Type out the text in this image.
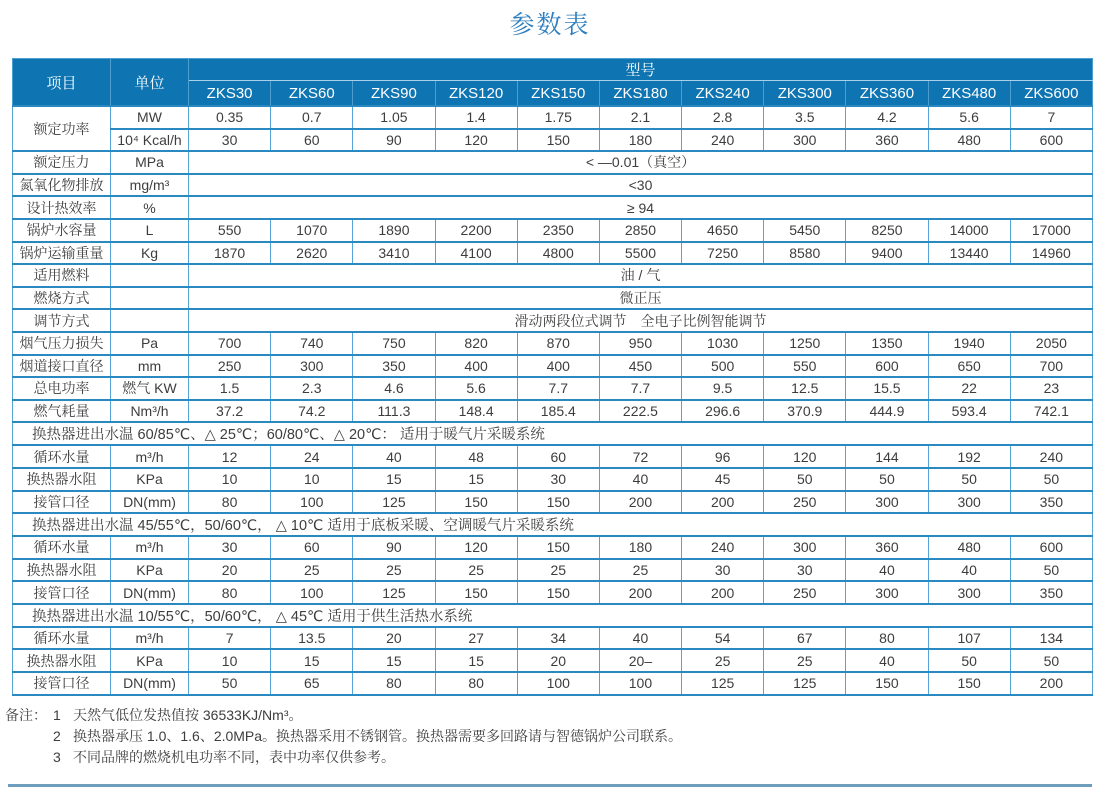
参数表
项目	单位	型号										
		ZKS30	ZKS60	ZKS90	ZKS120	ZKS150	ZKS180	ZKS240	ZKS300	ZKS360	ZKS480	ZKS600
额定功率	MW	0.35	0.7	1.05	1.4	1.75	2.1	2.8	3.5	4.2	5.6	7
	10⁴ Kcal/h	30	60	90	120	150	180	240	300	360	480	600
额定压力	MPa	< —0.01（真空）										
氮氧化物排放	mg/m³	<30										
设计热效率	%	≥ 94										
锅炉水容量	L	550	1070	1890	2200	2350	2850	4650	5450	8250	14000	17000
锅炉运输重量	Kg	1870	2620	3410	4100	4800	5500	7250	8580	9400	13440	14960
适用燃料		油 / 气										
燃烧方式		微正压										
调节方式		滑动两段位式调节　全电子比例智能调节										
烟气压力损失	Pa	700	740	750	820	870	950	1030	1250	1350	1940	2050
烟道接口直径	mm	250	300	350	400	400	450	500	550	600	650	700
总电功率	燃气 KW	1.5	2.3	4.6	5.6	7.7	7.7	9.5	12.5	15.5	22	23
燃气耗量	Nm³/h	37.2	74.2	111.3	148.4	185.4	222.5	296.6	370.9	444.9	593.4	742.1
换热器进出水温 60/85℃、△ 25℃；60/80℃、△ 20℃： 适用于暖气片采暖系统												
循环水量	m³/h	12	24	40	48	60	72	96	120	144	192	240
换热器水阻	KPa	10	10	15	15	30	40	45	50	50	50	50
接管口径	DN(mm)	80	100	125	150	150	200	200	250	300	300	350
换热器进出水温 45/55℃，50/60℃， △ 10℃ 适用于底板采暖、空调暖气片采暖系统												
循环水量	m³/h	30	60	90	120	150	180	240	300	360	480	600
换热器水阻	KPa	20	25	25	25	25	25	30	30	40	40	50
接管口径	DN(mm)	80	100	125	150	150	200	200	250	300	300	350
换热器进出水温 10/55℃，50/60℃， △ 45℃ 适用于供生活热水系统												
循环水量	m³/h	7	13.5	20	27	34	40	54	67	80	107	134
换热器水阻	KPa	10	15	15	15	20	20–	25	25	40	50	50
接管口径	DN(mm)	50	65	80	80	100	100	125	125	150	150	200
备注： 1 天然气低位发热值按 36533KJ/Nm³。
2 换热器承压 1.0、1.6、2.0MPa。换热器采用不锈钢管。换热器需要多回路请与智德锅炉公司联系。
3 不同品牌的燃烧机电功率不同，表中功率仅供参考。
